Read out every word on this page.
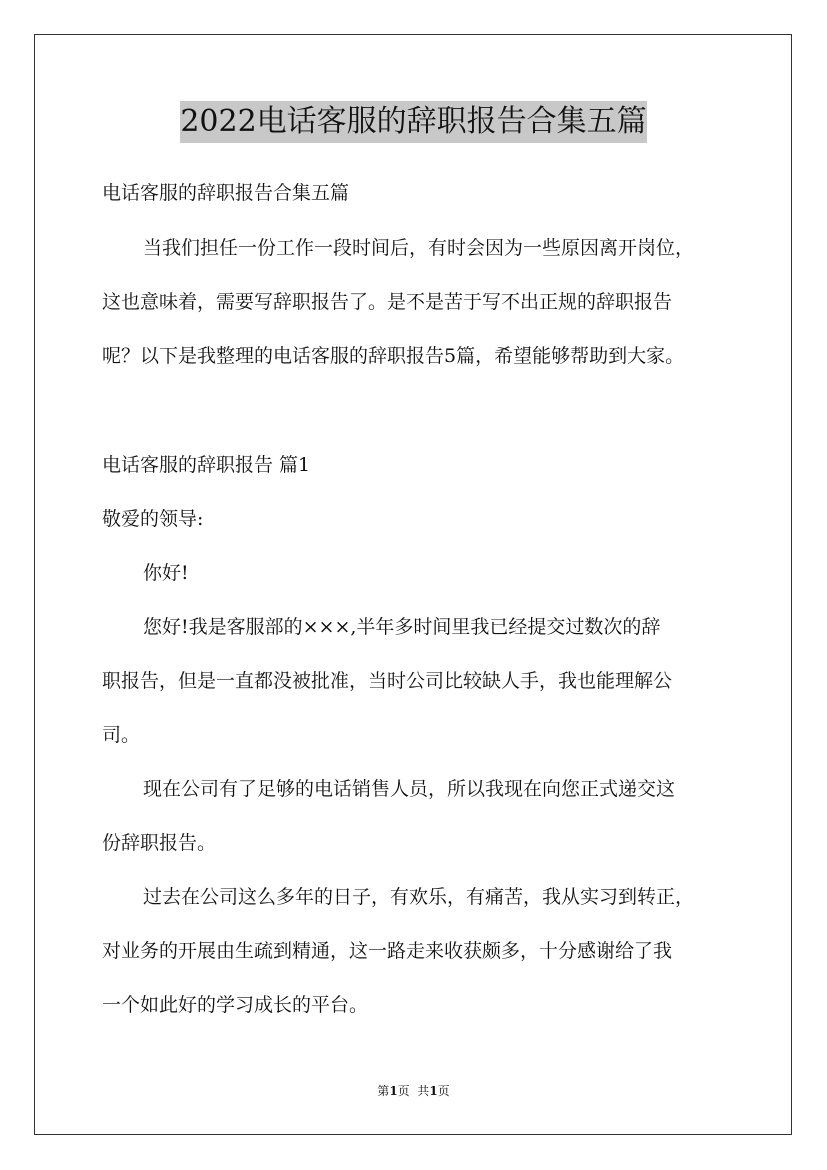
2022电话客服的辞职报告合集五篇
电话客服的辞职报告合集五篇
当我们担任一份工作一段时间后，有时会因为一些原因离开岗位，
这也意味着，需要写辞职报告了。是不是苦于写不出正规的辞职报告
呢？以下是我整理的电话客服的辞职报告5篇，希望能够帮助到大家。
电话客服的辞职报告 篇1
敬爱的领导:
你好!
您好!我是客服部的×××,半年多时间里我已经提交过数次的辞
职报告，但是一直都没被批准，当时公司比较缺人手，我也能理解公
司。
现在公司有了足够的电话销售人员，所以我现在向您正式递交这
份辞职报告。
过去在公司这么多年的日子，有欢乐，有痛苦，我从实习到转正，
对业务的开展由生疏到精通，这一路走来收获颇多，十分感谢给了我
一个如此好的学习成长的平台。
第1页  共1页
